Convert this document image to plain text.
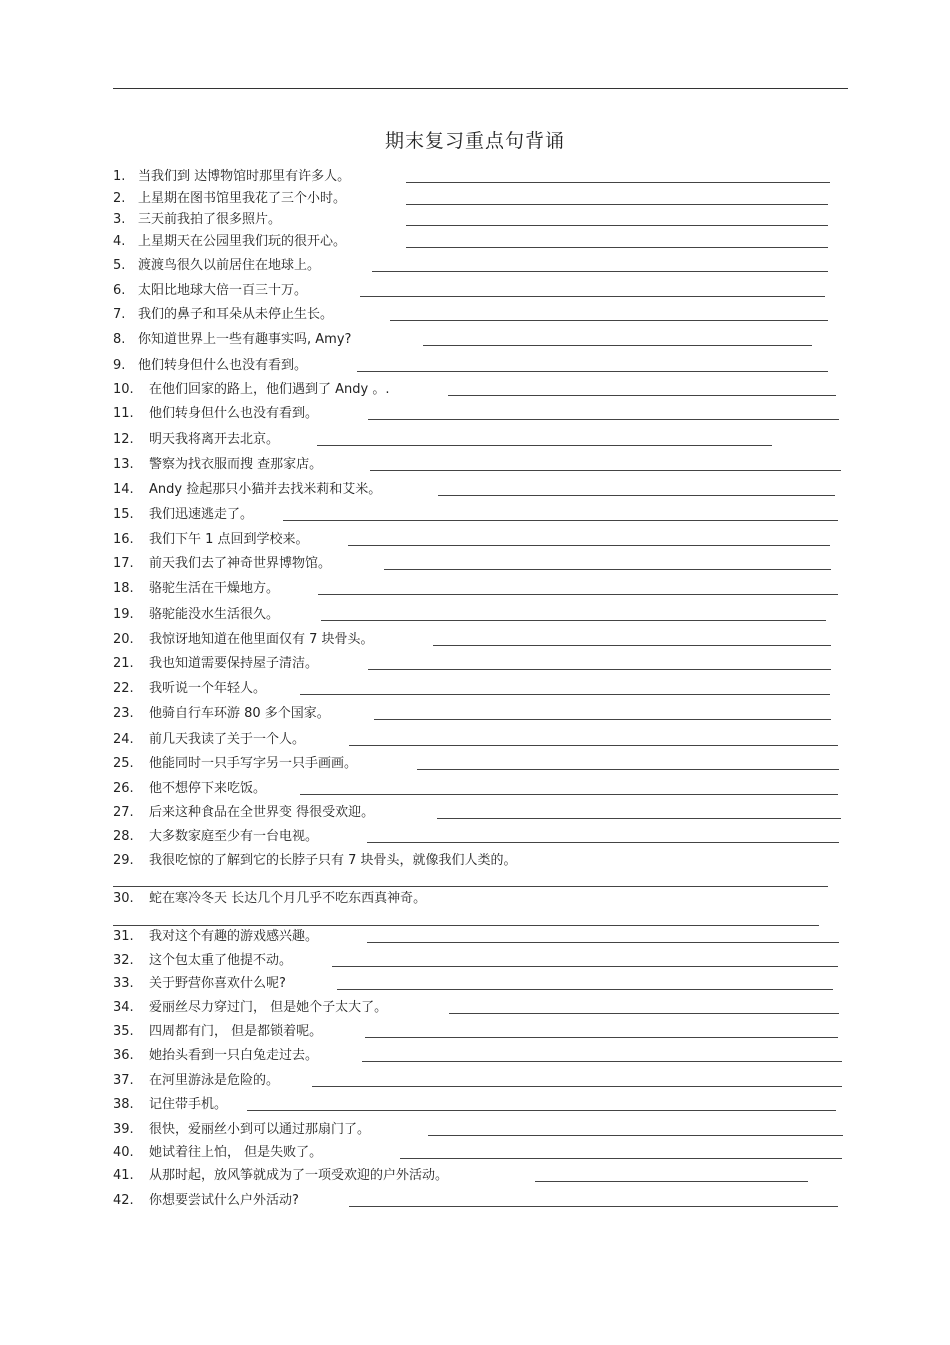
期末复习重点句背诵
1. 当我们到 达博物馆时那里有许多人。
2. 上星期在图书馆里我花了三个小时。
3. 三天前我拍了很多照片。
4. 上星期天在公园里我们玩的很开心。
5. 渡渡鸟很久以前居住在地球上。
6. 太阳比地球大倍一百三十万。
7. 我们的鼻子和耳朵从未停止生长。
8. 你知道世界上一些有趣事实吗, Amy?
9. 他们转身但什么也没有看到。
10. 在他们回家的路上，他们遇到了 Andy 。.
11. 他们转身但什么也没有看到。
12. 明天我将离开去北京。
13. 警察为找衣服而搜 查那家店。
14. Andy 捡起那只小猫并去找米莉和艾米。
15. 我们迅速逃走了。
16. 我们下午 1 点回到学校来。
17. 前天我们去了神奇世界博物馆。
18. 骆驼生活在干燥地方。
19. 骆驼能没水生活很久。
20. 我惊讶地知道在他里面仅有 7 块骨头。
21. 我也知道需要保持屋子清洁。
22. 我听说一个年轻人。
23. 他骑自行车环游 80 多个国家。
24. 前几天我读了关于一个人。
25. 他能同时一只手写字另一只手画画。
26. 他不想停下来吃饭。
27. 后来这种食品在全世界变 得很受欢迎。
28. 大多数家庭至少有一台电视。
29. 我很吃惊的了解到它的长脖子只有 7 块骨头，就像我们人类的。
30. 蛇在寒冷冬天 长达几个月几乎不吃东西真神奇。
31. 我对这个有趣的游戏感兴趣。
32. 这个包太重了他提不动。
33. 关于野营你喜欢什么呢?
34. 爱丽丝尽力穿过门， 但是她个子太大了。
35. 四周都有门， 但是都锁着呢。
36. 她抬头看到一只白兔走过去。
37. 在河里游泳是危险的。
38. 记住带手机。
39. 很快，爱丽丝小到可以通过那扇门了。
40. 她试着往上怕， 但是失败了。
41. 从那时起，放风筝就成为了一项受欢迎的户外活动。
42. 你想要尝试什么户外活动?
